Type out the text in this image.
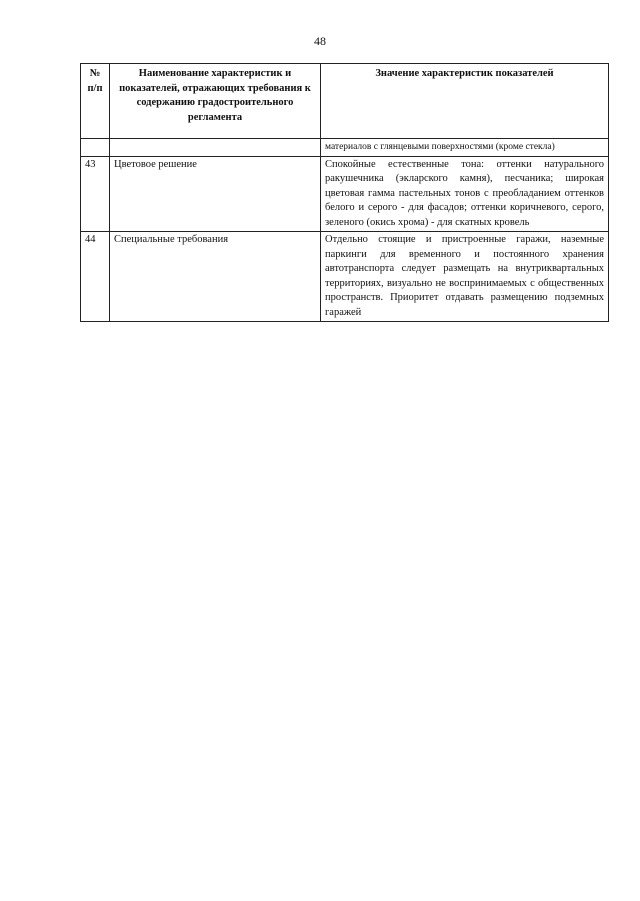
48
№ п/п	Наименование характеристик и показателей, отражающих требования к содержанию градостроительного регламента	Значение характеристик показателей
		материалов с глянцевыми поверхностями (кроме стекла)
43	Цветовое решение	Спокойные естественные тона: оттенки натурального ракушечника (экларского камня), песчаника; широкая цветовая гамма пастельных тонов с преобладанием оттенков белого и серого - для фасадов; оттенки коричневого, серого, зеленого (окись хрома) - для скатных кровель
44	Специальные требования	Отдельно стоящие и пристроенные гаражи, наземные паркинги для временного и постоянного хранения автотранспорта следует размещать на внутриквартальных территориях, визуально не воспринимаемых с общественных пространств. Приоритет отдавать размещению подземных гаражей
